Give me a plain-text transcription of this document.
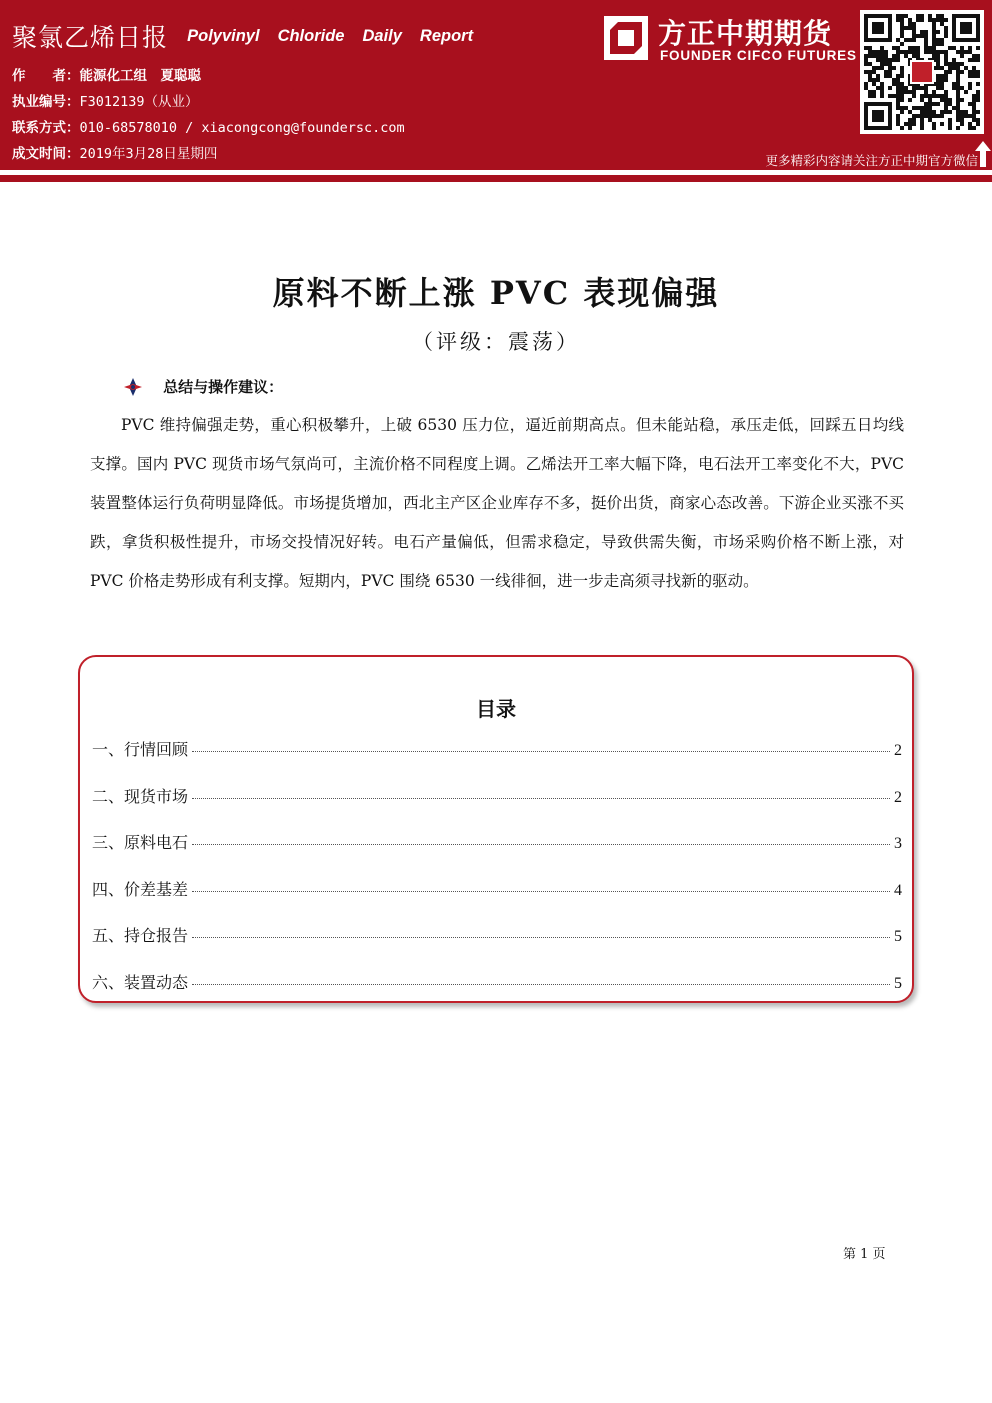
聚氯乙烯日报 Polyvinyl Chloride Daily Report
作　　者：能源化工组　夏聪聪
执业编号：F3012139（从业）
联系方式：010-68578010 / xiacongcong@foundersc.com
成文时间：2019年3月28日星期四
方正中期期货
FOUNDER CIFCO FUTURES
更多精彩内容请关注方正中期官方微信
原料不断上涨 PVC 表现偏强
（评级：震荡）
总结与操作建议：

PVC 维持偏强走势，重心积极攀升，上破 6530 压力位，逼近前期高点。但未能站稳，承压走低，回踩五日均线支撑。国内 PVC 现货市场气氛尚可，主流价格不同程度上调。乙烯法开工率大幅下降，电石法开工率变化不大，PVC 装置整体运行负荷明显降低。市场提货增加，西北主产区企业库存不多，挺价出货，商家心态改善。下游企业买涨不买跌，拿货积极性提升，市场交投情况好转。电石产量偏低，但需求稳定，导致供需失衡，市场采购价格不断上涨，对 PVC 价格走势形成有利支撑。短期内，PVC 围绕 6530 一线徘徊，进一步走高须寻找新的驱动。

目录
一、行情回顾	2
二、现货市场	2
三、原料电石	3
四、价差基差	4
五、持仓报告	5
六、装置动态	5
第 1 页
